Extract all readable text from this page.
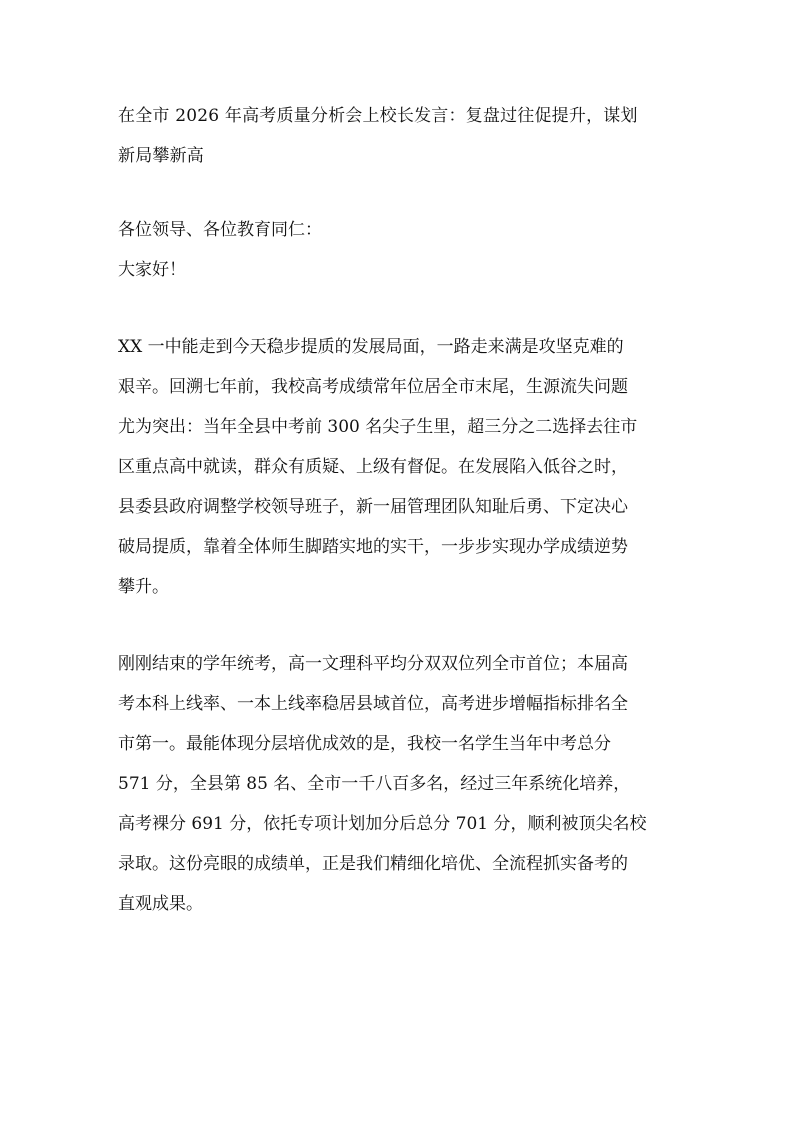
在全市 2026 年高考质量分析会上校长发言：复盘过往促提升，谋划
新局攀新高
各位领导、各位教育同仁：
大家好！
XX 一中能走到今天稳步提质的发展局面，一路走来满是攻坚克难的
艰辛。回溯七年前，我校高考成绩常年位居全市末尾，生源流失问题
尤为突出：当年全县中考前 300 名尖子生里，超三分之二选择去往市
区重点高中就读，群众有质疑、上级有督促。在发展陷入低谷之时，
县委县政府调整学校领导班子，新一届管理团队知耻后勇、下定决心
破局提质，靠着全体师生脚踏实地的实干，一步步实现办学成绩逆势
攀升。
刚刚结束的学年统考，高一文理科平均分双双位列全市首位；本届高
考本科上线率、一本上线率稳居县域首位，高考进步增幅指标排名全
市第一。最能体现分层培优成效的是，我校一名学生当年中考总分
571 分，全县第 85 名、全市一千八百多名，经过三年系统化培养，
高考裸分 691 分，依托专项计划加分后总分 701 分，顺利被顶尖名校
录取。这份亮眼的成绩单，正是我们精细化培优、全流程抓实备考的
直观成果。
